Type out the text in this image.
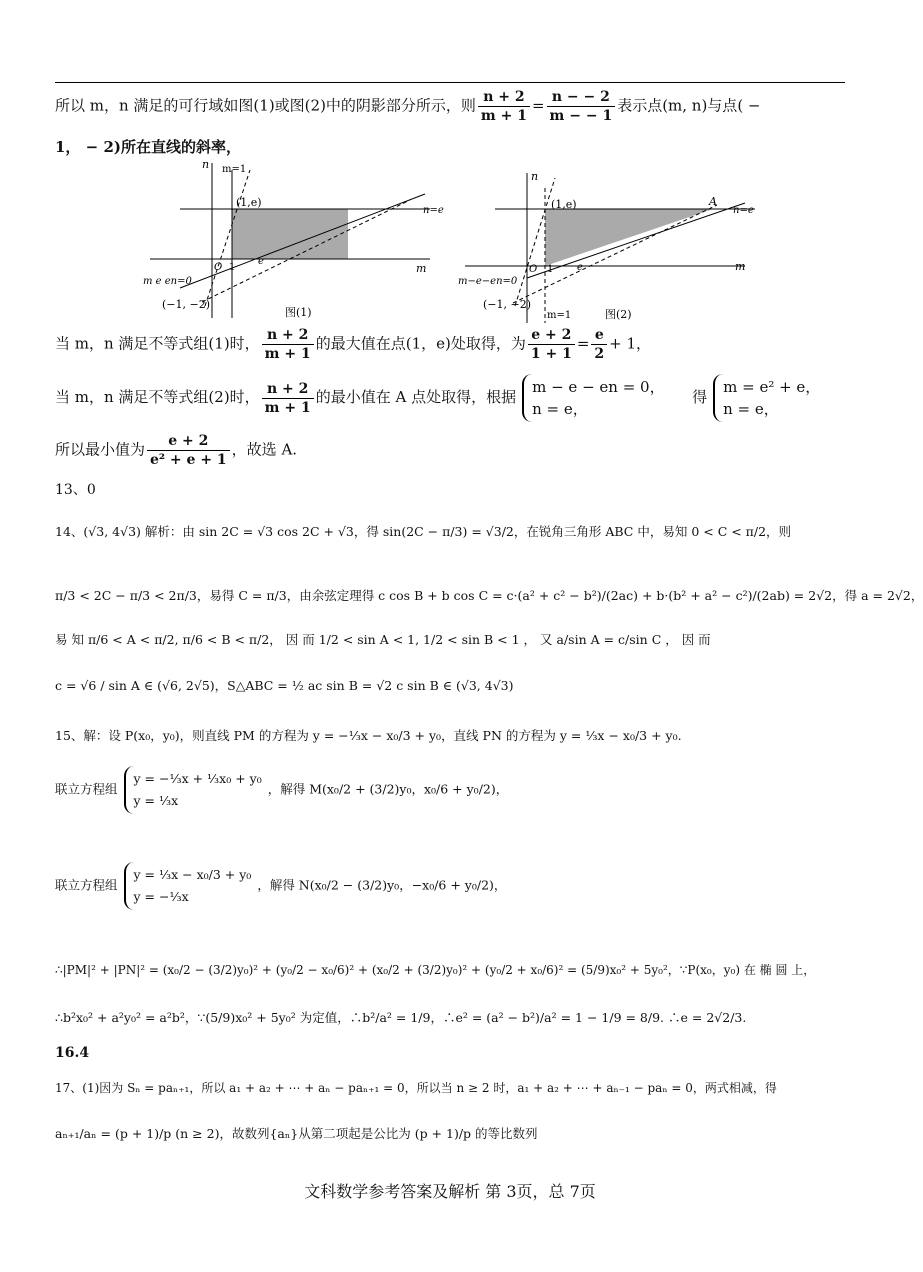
所以 m，n 满足的可行域如图(1)或图(2)中的阴影部分所示，则 $\frac{n + 2}{m + 1} = \frac{n - - 2}{m - - 1}$ 表示点(m, n)与点( −
1， − 2)所在直线的斜率，
n
m
m=1
(1,e)
n=e
m e en=0
O 1
e
(−1, −2)
图(1)
n
m
(1,e)	A
n=e
m−e−en=0
O 1 e
(−1, −2)
m=1	图(2)
当 m，n 满足不等式组(1)时， $\frac{n + 2}{m + 1}$ 的最大值在点(1，e)处取得，为 $\frac{e + 2}{1 + 1} = \frac{e}{2} + 1$，
当 m，n 满足不等式组(2)时， $\frac{n + 2}{m + 1}$ 的最小值在 A 点处取得，根据
m − e − en = 0，
n = e，
得
m = e² + e，
n = e，
所以最小值为 $\frac{e + 2}{\text{e² + e + 1}}$ ，故选 A.
13、0
14、(√3, 4√3) 解析：由 sin 2C = √3 cos 2C + √3，得 sin(2C − π/3) = √3/2，在锐角三角形 ABC 中，易知 0 < C < π/2，则
π/3 < 2C − π/3 < 2π/3，易得 C = π/3，由余弦定理得 c cos B + b cos C = c·(a² + c² − b²)/(2ac) + b·(b² + a² − c²)/(2ab) = 2√2，得 a = 2√2，
易 知 π/6 < A < π/2, π/6 < B < π/2， 因 而 1/2 < sin A < 1, 1/2 < sin B < 1 ， 又 a/sin A = c/sin C ， 因 而
c = √6 / sin A ∈ (√6, 2√5)，S△ABC = ½ ac sin B = √2 c sin B ∈ (√3, 4√3)
15、解：设 P(x₀，y₀)，则直线 PM 的方程为 y = −⅓x − x₀/3 + y₀，直线 PN 的方程为 y = ⅓x − x₀/3 + y₀.
联立方程组
y = −⅓x + ⅓x₀ + y₀
y = ⅓x
，解得 M(x₀/2 + (3/2)y₀，x₀/6 + y₀/2)，
联立方程组
y = ⅓x − x₀/3 + y₀
y = −⅓x
，解得 N(x₀/2 − (3/2)y₀，−x₀/6 + y₀/2)，
∴|PM|² + |PN|² = (x₀/2 − (3/2)y₀)² + (y₀/2 − x₀/6)² + (x₀/2 + (3/2)y₀)² + (y₀/2 + x₀/6)² = (5/9)x₀² + 5y₀²，∵P(x₀，y₀) 在 椭 圆 上，
∴b²x₀² + a²y₀² = a²b²，∵(5/9)x₀² + 5y₀² 为定值，∴b²/a² = 1/9，∴e² = (a² − b²)/a² = 1 − 1/9 = 8/9. ∴e = 2√2/3.
16.4
17、(1)因为 Sₙ = paₙ₊₁，所以 a₁ + a₂ + ⋯ + aₙ − paₙ₊₁ = 0，所以当 n ≥ 2 时，a₁ + a₂ + ⋯ + aₙ₋₁ − paₙ = 0，两式相减，得
aₙ₊₁/aₙ = (p + 1)/p (n ≥ 2)，故数列{aₙ}从第二项起是公比为 (p + 1)/p 的等比数列
文科数学参考答案及解析 第 3页，总 7页
